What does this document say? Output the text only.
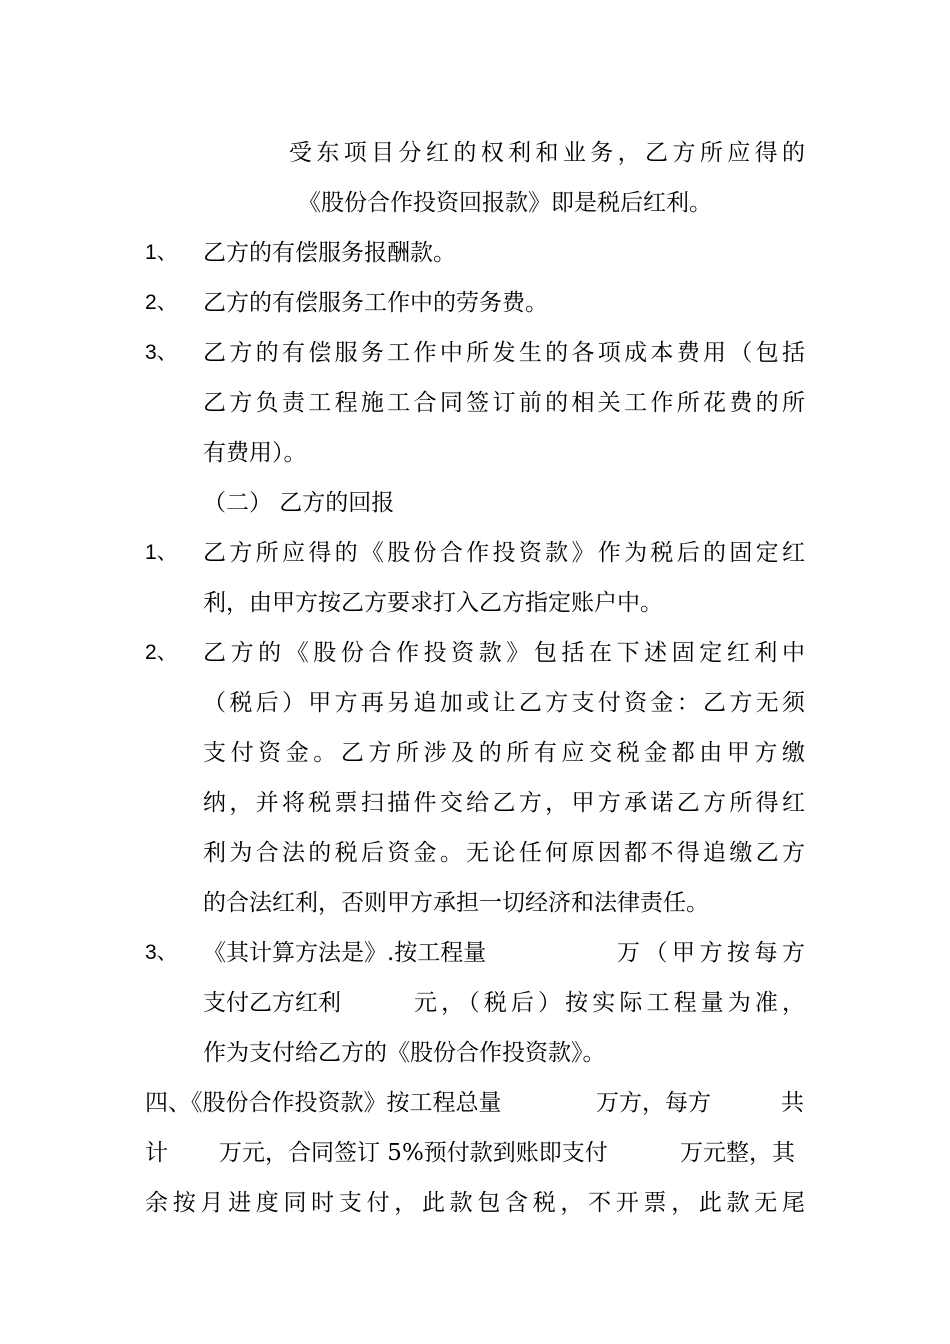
受东项目分红的权利和业务，乙方所应得的
《股份合作投资回报款》即是税后红利。
1、 乙方的有偿服务报酬款。
2、 乙方的有偿服务工作中的劳务费。
3、 乙方的有偿服务工作中所发生的各项成本费用（包括
乙方负责工程施工合同签订前的相关工作所花费的所
有费用）。
（二） 乙方的回报
1、 乙方所应得的《股份合作投资款》作为税后的固定红
利，由甲方按乙方要求打入乙方指定账户中。
2、 乙方的《股份合作投资款》包括在下述固定红利中
（税后）甲方再另追加或让乙方支付资金：乙方无须
支付资金。乙方所涉及的所有应交税金都由甲方缴
纳，并将税票扫描件交给乙方，甲方承诺乙方所得红
利为合法的税后资金。无论任何原因都不得追缴乙方
的合法红利，否则甲方承担一切经济和法律责任。
3、 《其计算方法是》.按工程量	万（甲方按每方
支付乙方红利	元，（税后）按实际工程量为准，
作为支付给乙方的《股份合作投资款》。
四、《股份合作投资款》按工程总量	万方，每方	共
计 万元，合同签订 5%预付款到账即支付	万元整，其
余按月进度同时支付，此款包含税，不开票，此款无尾
